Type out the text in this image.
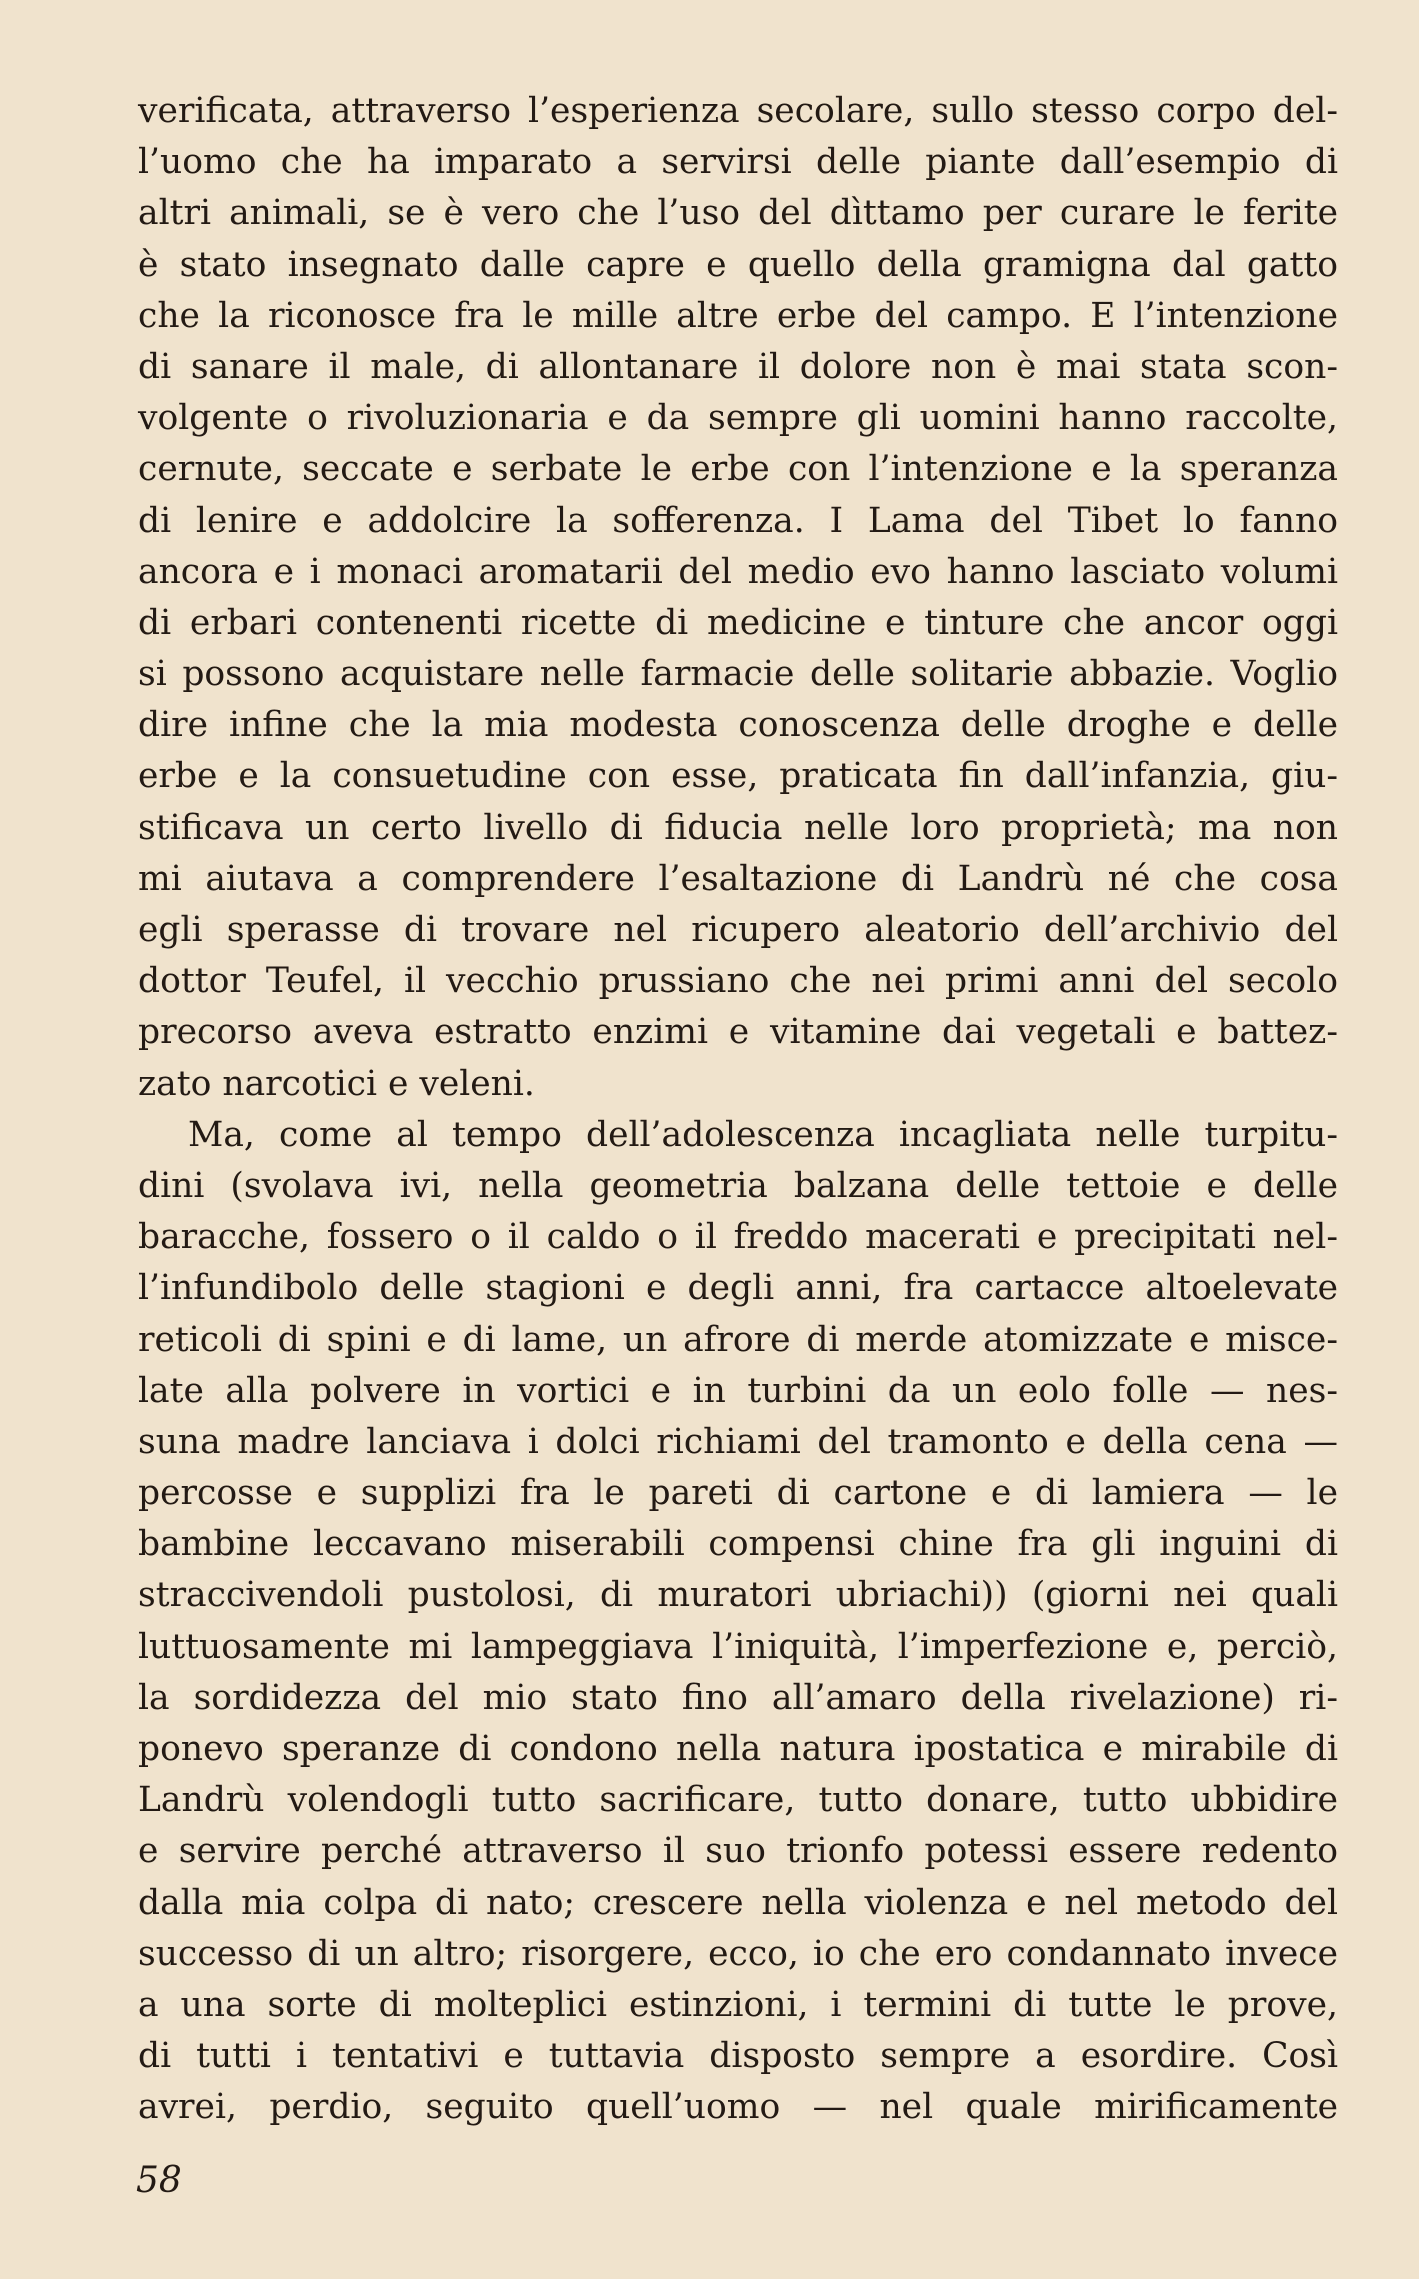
verificata, attraverso l’esperienza secolare, sullo stesso corpo del-
l’uomo che ha imparato a servirsi delle piante dall’esempio di
altri animali, se è vero che l’uso del dìttamo per curare le ferite
è stato insegnato dalle capre e quello della gramigna dal gatto
che la riconosce fra le mille altre erbe del campo. E l’intenzione
di sanare il male, di allontanare il dolore non è mai stata scon-
volgente o rivoluzionaria e da sempre gli uomini hanno raccolte,
cernute, seccate e serbate le erbe con l’intenzione e la speranza
di lenire e addolcire la sofferenza. I Lama del Tibet lo fanno
ancora e i monaci aromatarii del medio evo hanno lasciato volumi
di erbari contenenti ricette di medicine e tinture che ancor oggi
si possono acquistare nelle farmacie delle solitarie abbazie. Voglio
dire infine che la mia modesta conoscenza delle droghe e delle
erbe e la consuetudine con esse, praticata fin dall’infanzia, giu-
stificava un certo livello di fiducia nelle loro proprietà; ma non
mi aiutava a comprendere l’esaltazione di Landrù né che cosa
egli sperasse di trovare nel ricupero aleatorio dell’archivio del
dottor Teufel, il vecchio prussiano che nei primi anni del secolo
precorso aveva estratto enzimi e vitamine dai vegetali e battez-
zato narcotici e veleni.
Ma, come al tempo dell’adolescenza incagliata nelle turpitu-
dini (svolava ivi, nella geometria balzana delle tettoie e delle
baracche, fossero o il caldo o il freddo macerati e precipitati nel-
l’infundibolo delle stagioni e degli anni, fra cartacce altoelevate
reticoli di spini e di lame, un afrore di merde atomizzate e misce-
late alla polvere in vortici e in turbini da un eolo folle — nes-
suna madre lanciava i dolci richiami del tramonto e della cena —
percosse e supplizi fra le pareti di cartone e di lamiera — le
bambine leccavano miserabili compensi chine fra gli inguini di
straccivendoli pustolosi, di muratori ubriachi)) (giorni nei quali
luttuosamente mi lampeggiava l’iniquità, l’imperfezione e, perciò,
la sordidezza del mio stato fino all’amaro della rivelazione) ri-
ponevo speranze di condono nella natura ipostatica e mirabile di
Landrù volendogli tutto sacrificare, tutto donare, tutto ubbidire
e servire perché attraverso il suo trionfo potessi essere redento
dalla mia colpa di nato; crescere nella violenza e nel metodo del
successo di un altro; risorgere, ecco, io che ero condannato invece
a una sorte di molteplici estinzioni, i termini di tutte le prove,
di tutti i tentativi e tuttavia disposto sempre a esordire. Così
avrei, perdio, seguito quell’uomo — nel quale mirificamente
58
